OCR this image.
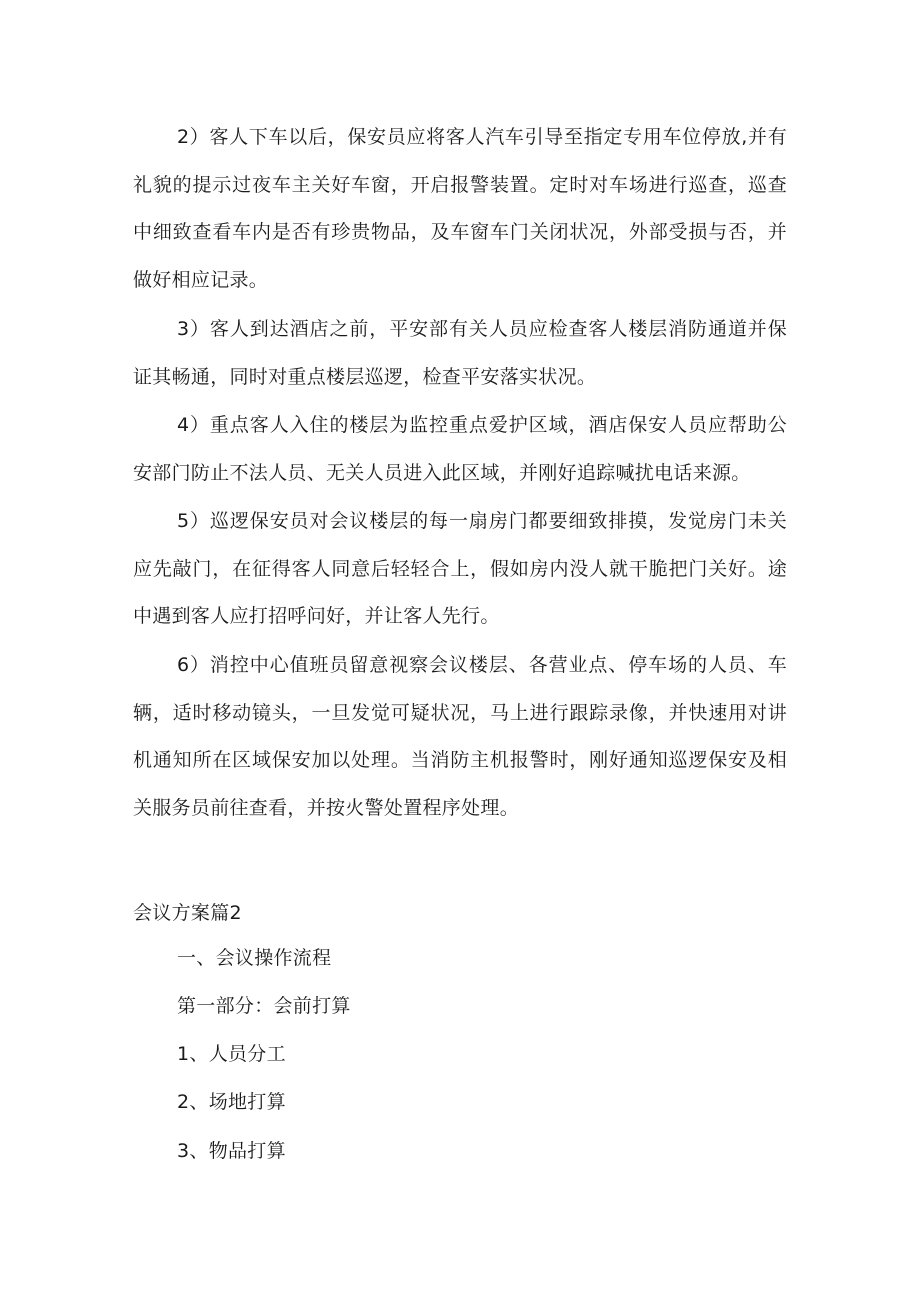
2）客人下车以后，保安员应将客人汽车引导至指定专用车位停放,并有礼貌的提示过夜车主关好车窗，开启报警装置。定时对车场进行巡查，巡查中细致查看车内是否有珍贵物品，及车窗车门关闭状况，外部受损与否，并做好相应记录。

3）客人到达酒店之前，平安部有关人员应检查客人楼层消防通道并保证其畅通，同时对重点楼层巡逻，检查平安落实状况。

4）重点客人入住的楼层为监控重点爱护区域，酒店保安人员应帮助公安部门防止不法人员、无关人员进入此区域，并刚好追踪喊扰电话来源。

5）巡逻保安员对会议楼层的每一扇房门都要细致排摸，发觉房门未关应先敲门，在征得客人同意后轻轻合上，假如房内没人就干脆把门关好。途中遇到客人应打招呼问好，并让客人先行。

6）消控中心值班员留意视察会议楼层、各营业点、停车场的人员、车辆，适时移动镜头，一旦发觉可疑状况，马上进行跟踪录像，并快速用对讲机通知所在区域保安加以处理。当消防主机报警时，刚好通知巡逻保安及相关服务员前往查看，并按火警处置程序处理。

会议方案篇2
一、会议操作流程
第一部分：会前打算
1、人员分工
2、场地打算
3、物品打算
